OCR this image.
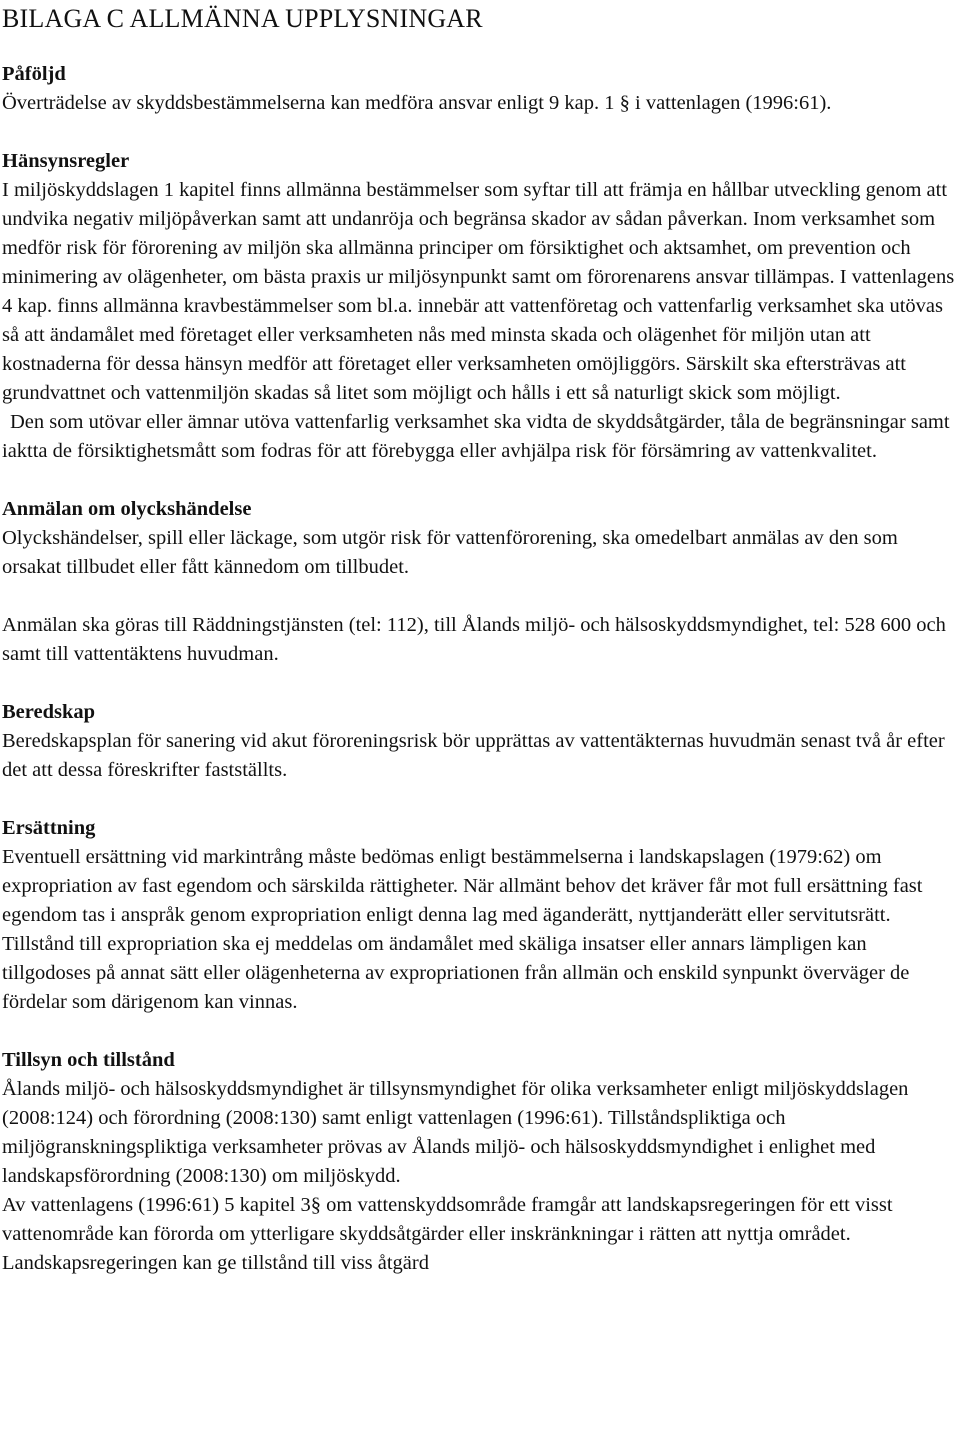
BILAGA C ALLMÄNNA UPPLYSNINGAR
Påföljd

Överträdelse av skyddsbestämmelserna kan medföra ansvar enligt 9 kap. 1 § i vattenlagen (1996:61).

Hänsynsregler

I miljöskyddslagen 1 kapitel finns allmänna bestämmelser som syftar till att främja en hållbar utveckling genom att undvika negativ miljöpåverkan samt att undanröja och begränsa skador av sådan påverkan. Inom verksamhet som medför risk för förorening av miljön ska allmänna principer om försiktighet och aktsamhet, om prevention och minimering av olägenheter, om bästa praxis ur miljösynpunkt samt om förorenarens ansvar tillämpas. I vattenlagens 4 kap. finns allmänna kravbestämmelser som bl.a. innebär att vattenföretag och vattenfarlig verksamhet ska utövas så att ändamålet med företaget eller verksamheten nås med minsta skada och olägenhet för miljön utan att kostnaderna för dessa hänsyn medför att företaget eller verksamheten omöjliggörs. Särskilt ska eftersträvas att grundvattnet och vattenmiljön skadas så litet som möjligt och hålls i ett så naturligt skick som möjligt.

Den som utövar eller ämnar utöva vattenfarlig verksamhet ska vidta de skyddsåtgärder, tåla de begränsningar samt iaktta de försiktighetsmått som fodras för att förebygga eller avhjälpa risk för försämring av vattenkvalitet.

Anmälan om olyckshändelse

Olyckshändelser, spill eller läckage, som utgör risk för vattenförorening, ska omedelbart anmälas av den som orsakat tillbudet eller fått kännedom om tillbudet.

Anmälan ska göras till Räddningstjänsten (tel: 112), till Ålands miljö- och hälsoskyddsmyndighet, tel: 528 600 och samt till vattentäktens huvudman.

Beredskap

Beredskapsplan för sanering vid akut föroreningsrisk bör upprättas av vattentäkternas huvudmän senast två år efter det att dessa föreskrifter fastställts.

Ersättning

Eventuell ersättning vid markintrång måste bedömas enligt bestämmelserna i landskapslagen (1979:62) om expropriation av fast egendom och särskilda rättigheter. När allmänt behov det kräver får mot full ersättning fast egendom tas i anspråk genom expropriation enligt denna lag med äganderätt, nyttjanderätt eller servitutsrätt. Tillstånd till expropriation ska ej meddelas om ändamålet med skäliga insatser eller annars lämpligen kan tillgodoses på annat sätt eller olägenheterna av expropriationen från allmän och enskild synpunkt överväger de fördelar som därigenom kan vinnas.

Tillsyn och tillstånd

Ålands miljö- och hälsoskyddsmyndighet är tillsynsmyndighet för olika verksamheter enligt miljöskyddslagen (2008:124) och förordning (2008:130) samt enligt vattenlagen (1996:61). Tillståndspliktiga och miljögranskningspliktiga verksamheter prövas av Ålands miljö- och hälsoskyddsmyndighet i enlighet med landskapsförordning (2008:130) om miljöskydd.

Av vattenlagens (1996:61) 5 kapitel 3§ om vattenskyddsområde framgår att landskapsregeringen för ett visst vattenområde kan förorda om ytterligare skyddsåtgärder eller inskränkningar i rätten att nyttja området. Landskapsregeringen kan ge tillstånd till viss åtgärd
